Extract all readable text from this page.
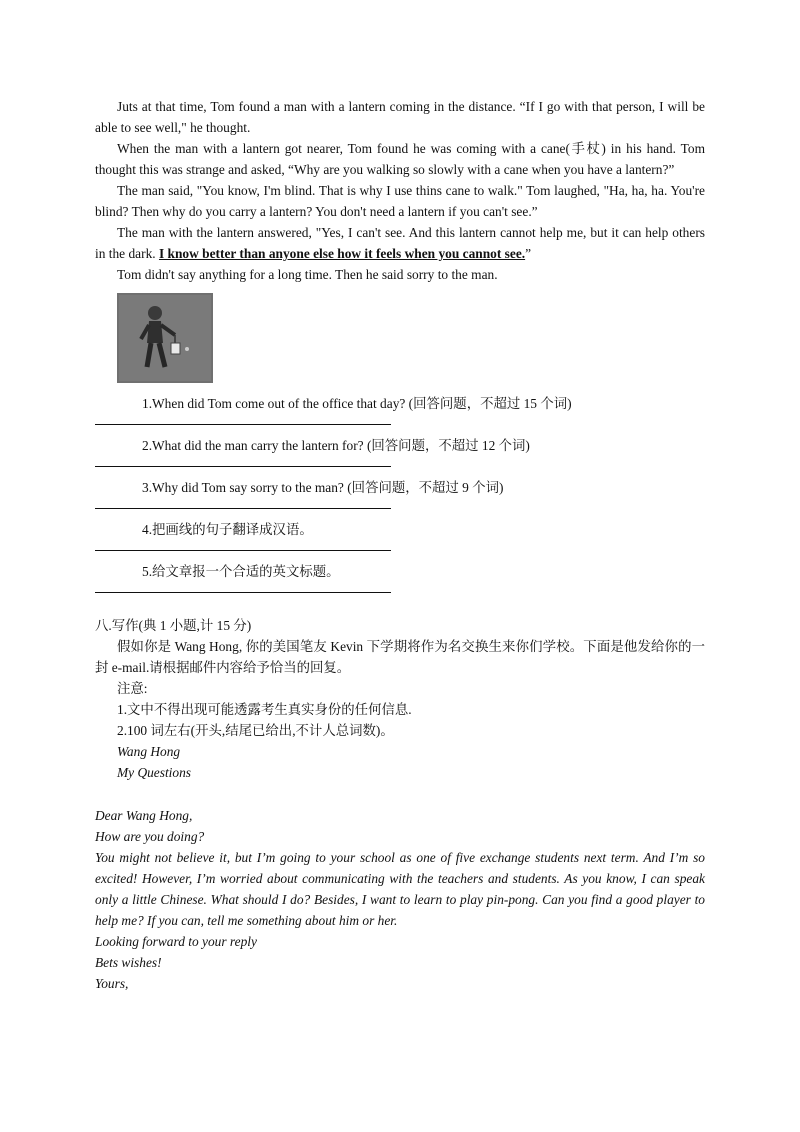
Juts at that time, Tom found a man with a lantern coming in the distance. “If I go with that person, I will be able to see well," he thought.

When the man with a lantern got nearer, Tom found he was coming with a cane(手杖) in his hand. Tom thought this was strange and asked, “Why are you walking so slowly with a cane when you have a lantern?”

The man said, "You know, I'm blind. That is why I use thins cane to walk." Tom laughed, "Ha, ha, ha. You're blind? Then why do you carry a lantern? You don't need a lantern if you can't see.”

The man with the lantern answered, "Yes, I can't see. And this lantern cannot help me, but it can help others in the dark. I know better than anyone else how it feels when you cannot see.”

Tom didn't say anything for a long time. Then he said sorry to the man.

1.When did Tom come out of the office that day? (回答问题，不超过 15 个词)
2.What did the man carry the lantern for? (回答问题，不超过 12 个词)
3.Why did Tom say sorry to the man? (回答问题，不超过 9 个词)
4.把画线的句子翻译成汉语。
5.给文章报一个合适的英文标题。

八.写作(典 1 小题,计 15 分)

假如你是 Wang Hong, 你的美国笔友 Kevin 下学期将作为名交换生来你们学校。下面是他发给你的一封 e-mail.请根据邮件内容给予恰当的回复。

注意:

1.文中不得出现可能透露考生真实身份的任何信息.

2.100 词左右(开头,结尾已给出,不计人总词数)。

Wang Hong

My Questions

Dear Wang Hong,

How are you doing?

You might not believe it, but I’m going to your school as one of five exchange students next term. And I’m so excited! However, I’m worried about communicating with the teachers and students. As you know, I can speak only a little Chinese. What should I do? Besides, I want to learn to play pin-pong. Can you find a good player to help me? If you can, tell me something about him or her.

Looking forward to your reply

Bets wishes!

Yours,
